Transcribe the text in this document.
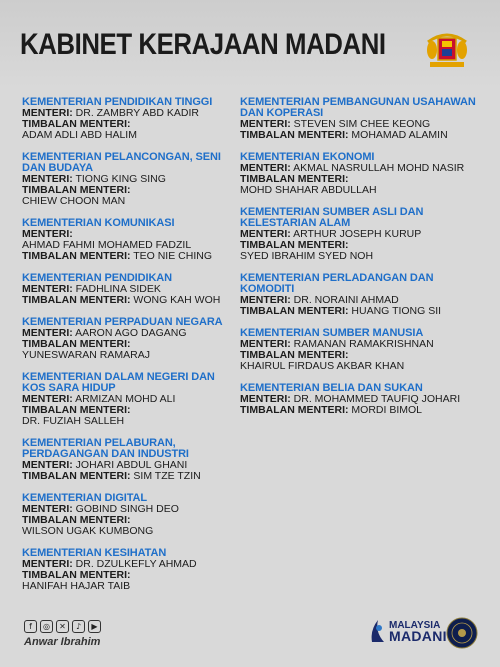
KABINET KERAJAAN MADANI
KEMENTERIAN PENDIDIKAN TINGGI
MENTERI: DR. ZAMBRY ABD KADIR
TIMBALAN MENTERI:
ADAM ADLI ABD HALIM
KEMENTERIAN PELANCONGAN, SENI DAN BUDAYA
MENTERI: TIONG KING SING
TIMBALAN MENTERI:
CHIEW CHOON MAN
KEMENTERIAN KOMUNIKASI
MENTERI:
AHMAD FAHMI MOHAMED FADZIL
TIMBALAN MENTERI: TEO NIE CHING
KEMENTERIAN PENDIDIKAN
MENTERI: FADHLINA SIDEK
TIMBALAN MENTERI: WONG KAH WOH
KEMENTERIAN PERPADUAN NEGARA
MENTERI: AARON AGO DAGANG
TIMBALAN MENTERI:
YUNESWARAN RAMARAJ
KEMENTERIAN DALAM NEGERI DAN KOS SARA HIDUP
MENTERI: ARMIZAN MOHD ALI
TIMBALAN MENTERI:
DR. FUZIAH SALLEH
KEMENTERIAN PELABURAN, PERDAGANGAN DAN INDUSTRI
MENTERI: JOHARI ABDUL GHANI
TIMBALAN MENTERI: SIM TZE TZIN
KEMENTERIAN DIGITAL
MENTERI: GOBIND SINGH DEO
TIMBALAN MENTERI:
WILSON UGAK KUMBONG
KEMENTERIAN KESIHATAN
MENTERI: DR. DZULKEFLY AHMAD
TIMBALAN MENTERI:
HANIFAH HAJAR TAIB
KEMENTERIAN PEMBANGUNAN USAHAWAN DAN KOPERASI
MENTERI: STEVEN SIM CHEE KEONG
TIMBALAN MENTERI: MOHAMAD ALAMIN
KEMENTERIAN EKONOMI
MENTERI: AKMAL NASRULLAH MOHD NASIR
TIMBALAN MENTERI:
MOHD SHAHAR ABDULLAH
KEMENTERIAN SUMBER ASLI DAN KELESTARIAN ALAM
MENTERI: ARTHUR JOSEPH KURUP
TIMBALAN MENTERI:
SYED IBRAHIM SYED NOH
KEMENTERIAN PERLADANGAN DAN KOMODITI
MENTERI: DR. NORAINI AHMAD
TIMBALAN MENTERI: HUANG TIONG SII
KEMENTERIAN SUMBER MANUSIA
MENTERI: RAMANAN RAMAKRISHNAN
TIMBALAN MENTERI:
KHAIRUL FIRDAUS AKBAR KHAN
KEMENTERIAN BELIA DAN SUKAN
MENTERI: DR. MOHAMMED TAUFIQ JOHARI
TIMBALAN MENTERI: MORDI BIMOL
f	◎	✕	♪	▶
Anwar Ibrahim
MALAYSIA
MADANI
